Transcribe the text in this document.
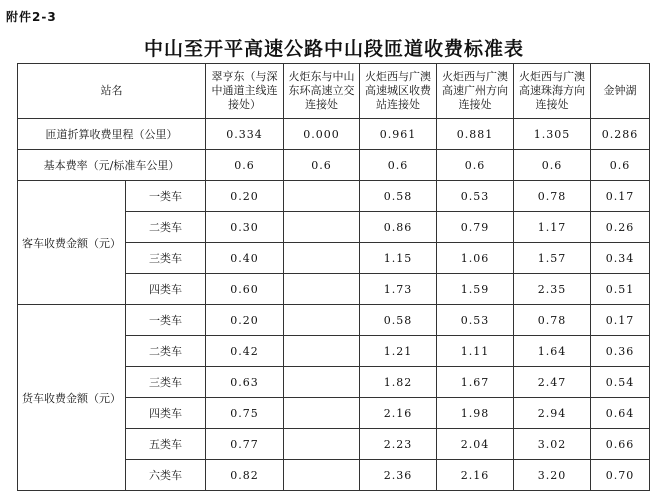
附件2-3
中山至开平高速公路中山段匝道收费标准表
站名		翠亨东（与深中通道主线连接处）	火炬东与中山东环高速立交连接处	火炬西与广澳高速城区收费站连接处	火炬西与广澳高速广州方向连接处	火炬西与广澳高速珠海方向连接处	金钟湖
匝道折算收费里程（公里）		0.334	0.000	0.961	0.881	1.305	0.286
基本费率（元/标准车公里）		0.6	0.6	0.6	0.6	0.6	0.6
客车收费金额（元）	一类车	0.20		0.58	0.53	0.78	0.17
	二类车	0.30		0.86	0.79	1.17	0.26
	三类车	0.40		1.15	1.06	1.57	0.34
	四类车	0.60		1.73	1.59	2.35	0.51
货车收费金额（元）	一类车	0.20		0.58	0.53	0.78	0.17
	二类车	0.42		1.21	1.11	1.64	0.36
	三类车	0.63		1.82	1.67	2.47	0.54
	四类车	0.75		2.16	1.98	2.94	0.64
	五类车	0.77		2.23	2.04	3.02	0.66
	六类车	0.82		2.36	2.16	3.20	0.70
